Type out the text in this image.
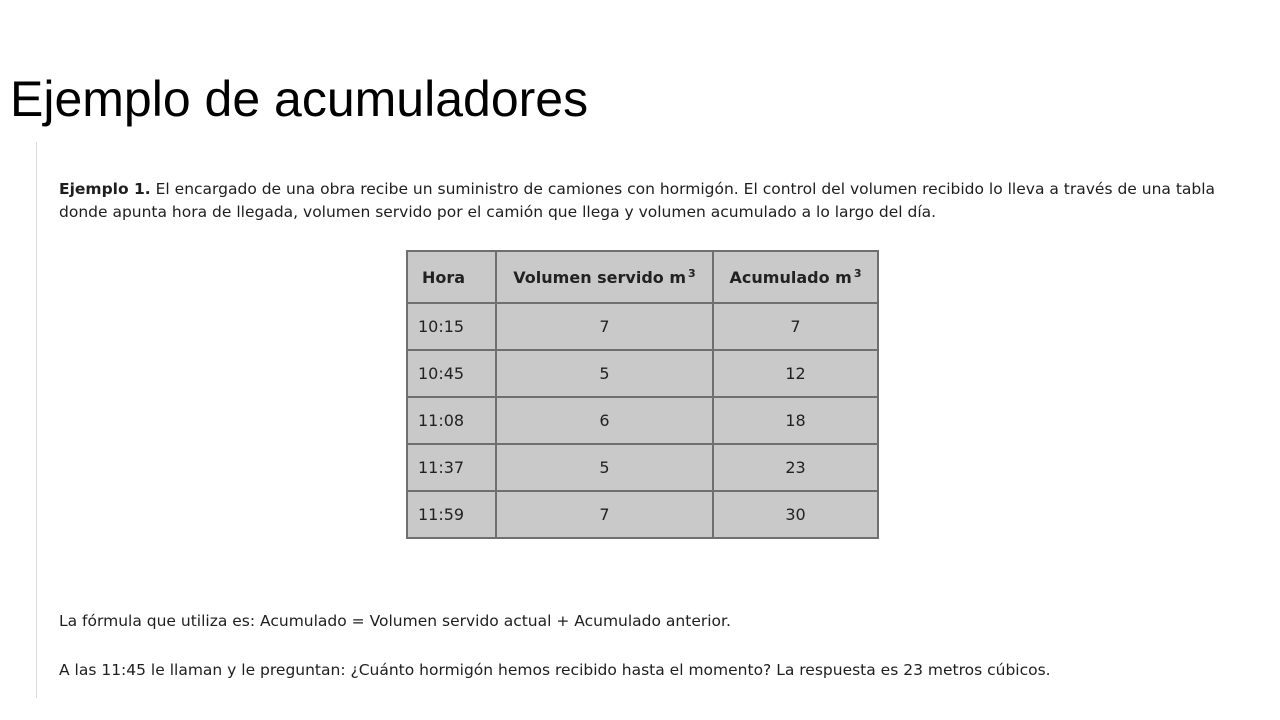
Ejemplo de acumuladores

Ejemplo 1. El encargado de una obra recibe un suministro de camiones con hormigón. El control del volumen recibido lo lleva a través de una tabla donde apunta hora de llegada, volumen servido por el camión que llega y volumen acumulado a lo largo del día.

Hora	Volumen servido m $^3$	Acumulado m $^3$
10:15	7	7
10:45	5	12
11:08	6	18
11:37	5	23
11:59	7	30

La fórmula que utiliza es: Acumulado = Volumen servido actual + Acumulado anterior.

A las 11:45 le llaman y le preguntan: ¿Cuánto hormigón hemos recibido hasta el momento? La respuesta es 23 metros cúbicos.
